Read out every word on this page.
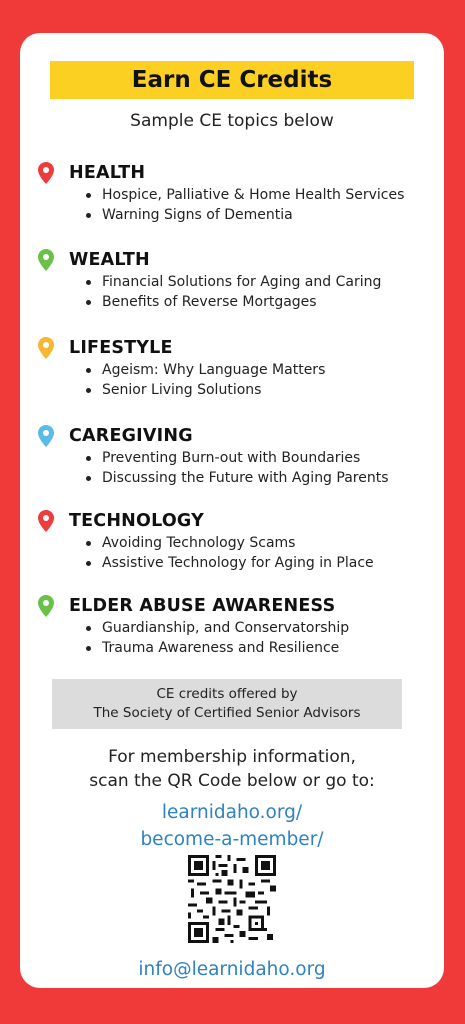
Earn CE Credits
Sample CE topics below
HEALTH
Hospice, Palliative & Home Health Services
Warning Signs of Dementia
WEALTH
Financial Solutions for Aging and Caring
Benefits of Reverse Mortgages
LIFESTYLE
Ageism: Why Language Matters
Senior Living Solutions
CAREGIVING
Preventing Burn-out with Boundaries
Discussing the Future with Aging Parents
TECHNOLOGY
Avoiding Technology Scams
Assistive Technology for Aging in Place
ELDER ABUSE AWARENESS
Guardianship, and Conservatorship
Trauma Awareness and Resilience
CE credits offered by
The Society of Certified Senior Advisors
For membership information,
scan the QR Code below or go to:
learnidaho.org/
become-a-member/
info@learnidaho.org
